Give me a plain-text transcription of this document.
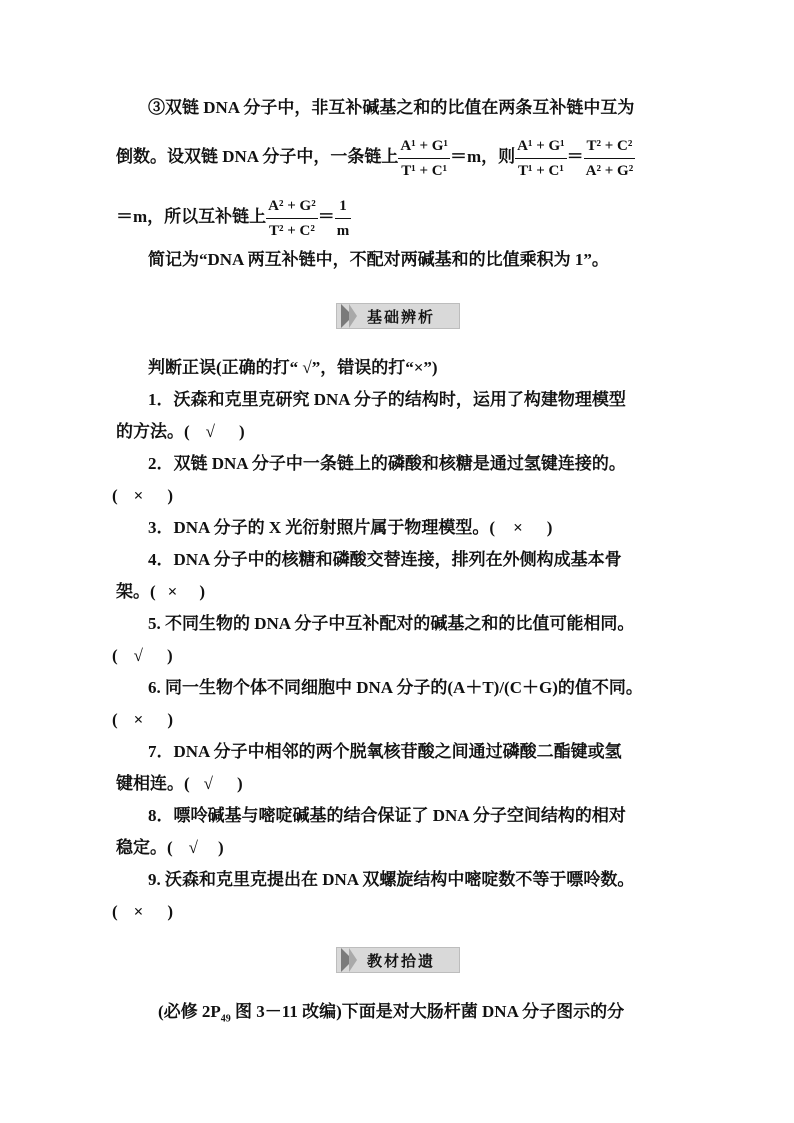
③双链 DNA 分子中，非互补碱基之和的比值在两条互补链中互为
倒数。设双链 DNA 分子中，一条链上 $\frac{\text{A¹ + G¹}}{\text{T¹ + C¹}} =m$，则 $\frac{\text{A¹ + G¹}}{\text{T¹ + C¹}} = \frac{\text{T² + C²}}{\text{A² + G²}}$
＝m，所以互补链上 $\frac{\text{A² + G²}}{\text{T² + C²}} = \frac{1}{m}$
简记为“DNA 两互补链中，不配对两碱基和的比值乘积为 1”。
基础辨析
判断正误(正确的打“ √”，错误的打“×”)
1．沃森和克里克研究 DNA 分子的结构时，运用了构建物理模型
的方法。( √ )
2．双链 DNA 分子中一条链上的磷酸和核糖是通过氢键连接的。
( × )
3．DNA 分子的 X 光衍射照片属于物理模型。( × )
4．DNA 分子中的核糖和磷酸交替连接，排列在外侧构成基本骨
架。( × )
5. 不同生物的 DNA 分子中互补配对的碱基之和的比值可能相同。
( √ )
6. 同一生物个体不同细胞中 DNA 分子的(A＋T)/(C＋G)的值不同。
( × )
7．DNA 分子中相邻的两个脱氧核苷酸之间通过磷酸二酯键或氢
键相连。( √ )
8．嘌呤碱基与嘧啶碱基的结合保证了 DNA 分子空间结构的相对
稳定。( √ )
9. 沃森和克里克提出在 DNA 双螺旋结构中嘧啶数不等于嘌呤数。
( × )
教材拾遗
(必修 $2P_{49}$ 图 3－11 改编)下面是对大肠杆菌 DNA 分子图示的分
